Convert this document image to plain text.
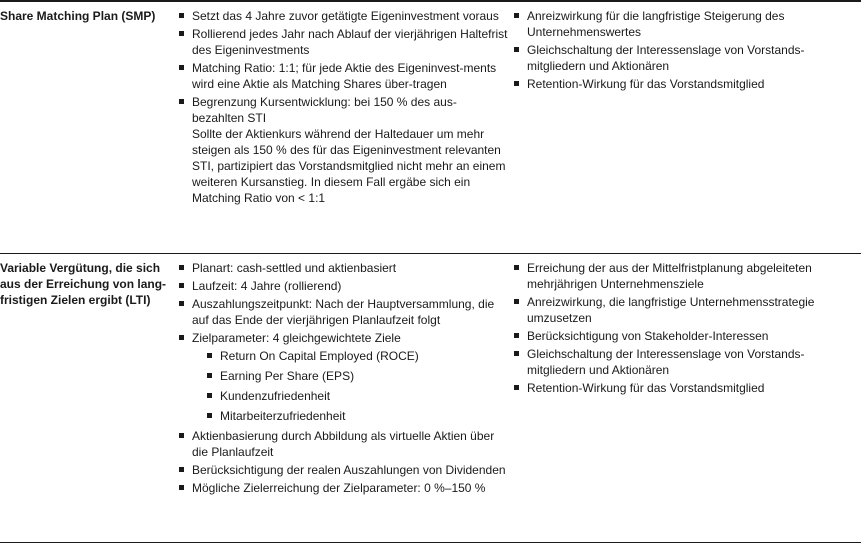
Share Matching Plan (SMP)	Setzt das 4 Jahre zuvor getätigte Eigeninvestment voraus
Rollierend jedes Jahr nach Ablauf der vierjährigen Haltefrist des Eigeninvestments
Matching Ratio: 1:1; für jede Aktie des Eigeninvest-ments wird eine Aktie als Matching Shares über-tragen
Begrenzung Kursentwicklung: bei 150 % des aus-bezahlten STI
Sollte der Aktienkurs während der Haltedauer um mehr steigen als 150 % des für das Eigeninvestment relevanten STI, partizipiert das Vorstandsmitglied nicht mehr an einem weiteren Kursanstieg. In diesem Fall ergäbe sich ein Matching Ratio von < 1:1
Anreizwirkung für die langfristige Steigerung des Unternehmenswertes
Gleichschaltung der Interessenslage von Vorstands-mitgliedern und Aktionären
Retention-Wirkung für das Vorstandsmitglied
Variable Vergütung, die sich aus der Erreichung von lang-fristigen Zielen ergibt (LTI)
Planart: cash-settled und aktienbasiert
Laufzeit: 4 Jahre (rollierend)
Auszahlungszeitpunkt: Nach der Hauptversammlung, die auf das Ende der vierjährigen Planlaufzeit folgt
Zielparameter: 4 gleichgewichtete Ziele
Return On Capital Employed (ROCE)
Earning Per Share (EPS)
Kundenzufriedenheit
Mitarbeiterzufriedenheit
Aktienbasierung durch Abbildung als virtuelle Aktien über die Planlaufzeit
Berücksichtigung der realen Auszahlungen von Dividenden
Mögliche Zielerreichung der Zielparameter: 0 %–150 %
Erreichung der aus der Mittelfristplanung abgeleiteten mehrjährigen Unternehmensziele
Anreizwirkung, die langfristige Unternehmensstrategie umzusetzen
Berücksichtigung von Stakeholder-Interessen
Gleichschaltung der Interessenslage von Vorstands-mitgliedern und Aktionären
Retention-Wirkung für das Vorstandsmitglied
